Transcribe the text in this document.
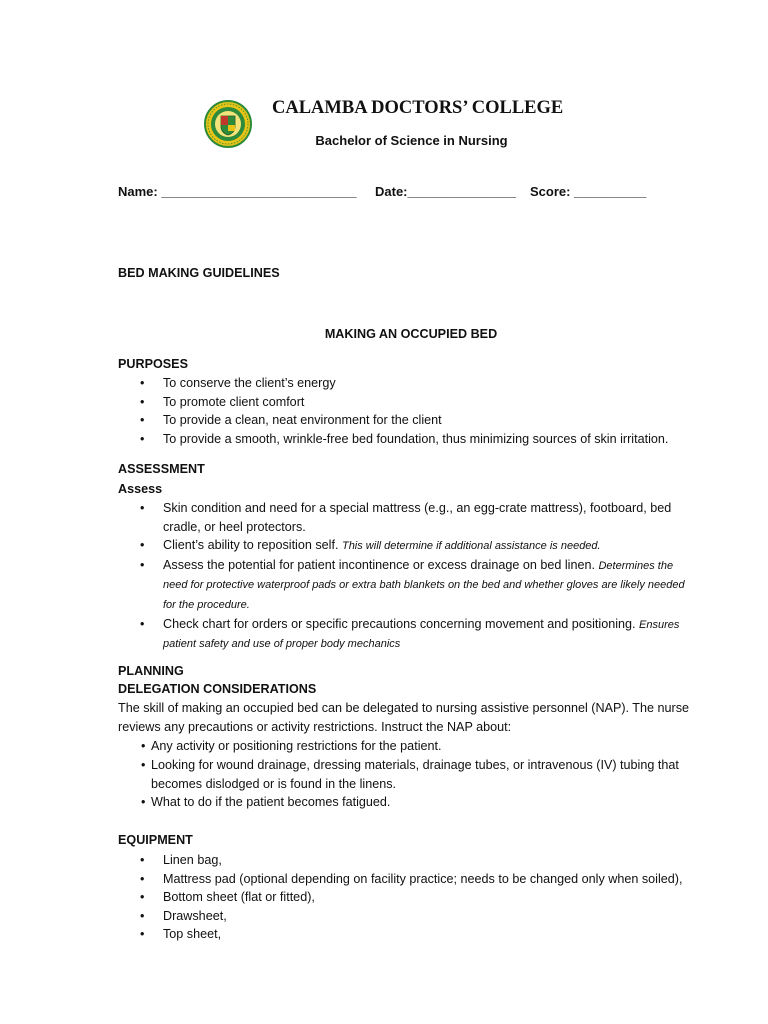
CALAMBA DOCTORS’ COLLEGE
Bachelor of Science in Nursing
Name: ___________________________ Date:_______________ Score: __________
BED MAKING GUIDELINES
MAKING AN OCCUPIED BED
PURPOSES
• To conserve the client’s energy
• To promote client comfort
• To provide a clean, neat environment for the client
• To provide a smooth, wrinkle-free bed foundation, thus minimizing sources of skin irritation.
ASSESSMENT
Assess
• Skin condition and need for a special mattress (e.g., an egg-crate mattress), footboard, bed cradle, or heel protectors.
• Client’s ability to reposition self. This will determine if additional assistance is needed.
• Assess the potential for patient incontinence or excess drainage on bed linen. Determines the need for protective waterproof pads or extra bath blankets on the bed and whether gloves are likely needed for the procedure.
• Check chart for orders or specific precautions concerning movement and positioning. Ensures patient safety and use of proper body mechanics
PLANNING
DELEGATION CONSIDERATIONS
The skill of making an occupied bed can be delegated to nursing assistive personnel (NAP). The nurse reviews any precautions or activity restrictions. Instruct the NAP about:
• Any activity or positioning restrictions for the patient.
• Looking for wound drainage, dressing materials, drainage tubes, or intravenous (IV) tubing that becomes dislodged or is found in the linens.
• What to do if the patient becomes fatigued.
EQUIPMENT
• Linen bag,
• Mattress pad (optional depending on facility practice; needs to be changed only when soiled),
• Bottom sheet (flat or fitted),
• Drawsheet,
• Top sheet,
